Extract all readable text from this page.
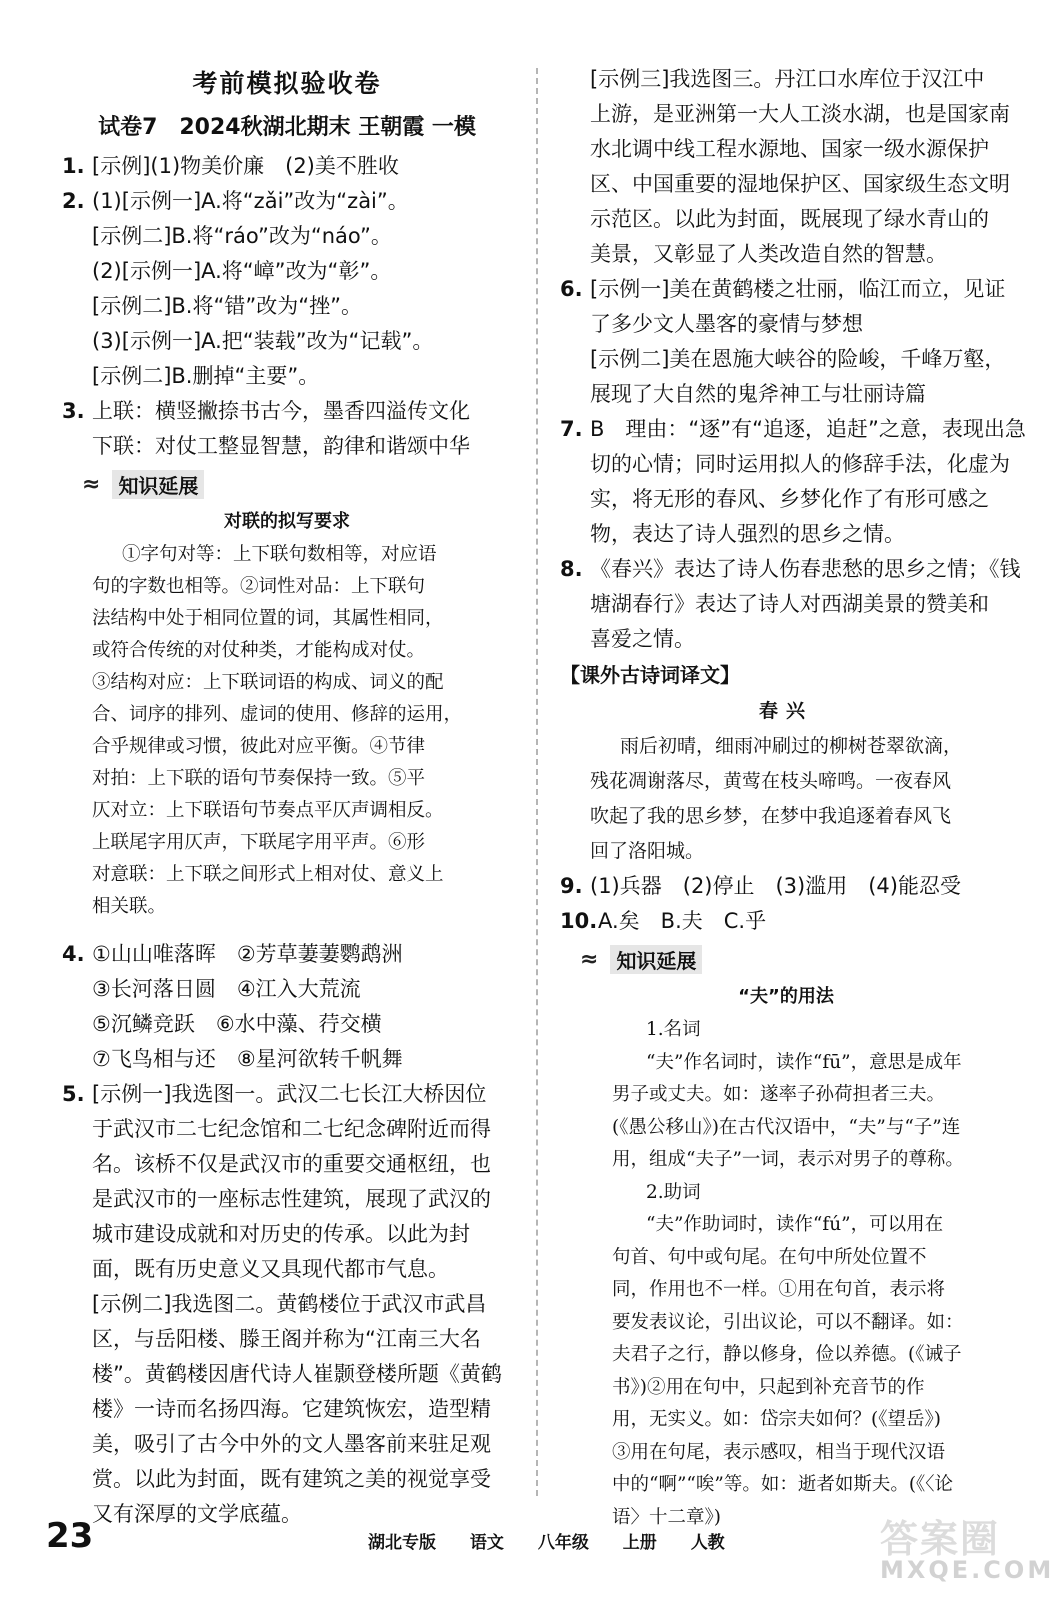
考前模拟验收卷
试卷7　2024秋湖北期末 王朝霞 一模
1. [示例](1)物美价廉　(2)美不胜收
2. (1)[示例一]A.将“zǎi”改为“zài”。
[示例二]B.将“ráo”改为“náo”。
(2)[示例一]A.将“嶂”改为“彰”。
[示例二]B.将“错”改为“挫”。
(3)[示例一]A.把“装载”改为“记载”。
[示例二]B.删掉“主要”。
3. 上联：横竖撇捺书古今，墨香四溢传文化
下联：对仗工整显智慧，韵律和谐颂中华
≈ 知识延展
对联的拟写要求
①字句对等：上下联句数相等，对应语
句的字数也相等。②词性对品：上下联句
法结构中处于相同位置的词，其属性相同，
或符合传统的对仗种类，才能构成对仗。
③结构对应：上下联词语的构成、词义的配
合、词序的排列、虚词的使用、修辞的运用，
合乎规律或习惯，彼此对应平衡。④节律
对拍：上下联的语句节奏保持一致。⑤平
仄对立：上下联语句节奏点平仄声调相反。
上联尾字用仄声，下联尾字用平声。⑥形
对意联：上下联之间形式上相对仗、意义上
相关联。
4. ①山山唯落晖　②芳草萋萋鹦鹉洲
③长河落日圆　④江入大荒流
⑤沉鳞竞跃　⑥水中藻、荇交横
⑦飞鸟相与还　⑧星河欲转千帆舞
5. [示例一]我选图一。武汉二七长江大桥因位
于武汉市二七纪念馆和二七纪念碑附近而得
名。该桥不仅是武汉市的重要交通枢纽，也
是武汉市的一座标志性建筑，展现了武汉的
城市建设成就和对历史的传承。以此为封
面，既有历史意义又具现代都市气息。
[示例二]我选图二。黄鹤楼位于武汉市武昌
区，与岳阳楼、滕王阁并称为“江南三大名
楼”。黄鹤楼因唐代诗人崔颢登楼所题《黄鹤
楼》一诗而名扬四海。它建筑恢宏，造型精
美，吸引了古今中外的文人墨客前来驻足观
赏。以此为封面，既有建筑之美的视觉享受
又有深厚的文学底蕴。
[示例三]我选图三。丹江口水库位于汉江中
上游，是亚洲第一大人工淡水湖，也是国家南
水北调中线工程水源地、国家一级水源保护
区、中国重要的湿地保护区、国家级生态文明
示范区。以此为封面，既展现了绿水青山的
美景，又彰显了人类改造自然的智慧。
6. [示例一]美在黄鹤楼之壮丽，临江而立，见证
了多少文人墨客的豪情与梦想
[示例二]美在恩施大峡谷的险峻，千峰万壑，
展现了大自然的鬼斧神工与壮丽诗篇
7. B　理由：“逐”有“追逐，追赶”之意，表现出急
切的心情；同时运用拟人的修辞手法，化虚为
实，将无形的春风、乡梦化作了有形可感之
物，表达了诗人强烈的思乡之情。
8. 《春兴》表达了诗人伤春悲愁的思乡之情；《钱
塘湖春行》表达了诗人对西湖美景的赞美和
喜爱之情。
【课外古诗词译文】
春兴
雨后初晴，细雨冲刷过的柳树苍翠欲滴，
残花凋谢落尽，黄莺在枝头啼鸣。一夜春风
吹起了我的思乡梦，在梦中我追逐着春风飞
回了洛阳城。
9. (1)兵器　(2)停止　(3)滥用　(4)能忍受
10.A.矣　B.夫　C.乎
≈ 知识延展
“夫”的用法
1.名词
“夫”作名词时，读作“fū”，意思是成年
男子或丈夫。如：遂率子孙荷担者三夫。
(《愚公移山》)在古代汉语中，“夫”与“子”连
用，组成“夫子”一词，表示对男子的尊称。
2.助词
“夫”作助词时，读作“fú”，可以用在
句首、句中或句尾。在句中所处位置不
同，作用也不一样。①用在句首，表示将
要发表议论，引出议论，可以不翻译。如：
夫君子之行，静以修身，俭以养德。(《诫子
书》)②用在句中，只起到补充音节的作
用，无实义。如：岱宗夫如何？(《望岳》)
③用在句尾，表示感叹，相当于现代汉语
中的“啊”“唉”等。如：逝者如斯夫。(《〈论
语〉十二章》)
23	湖北专版 语文 八年级 上册 人教	答案圈
MXQE.COM
